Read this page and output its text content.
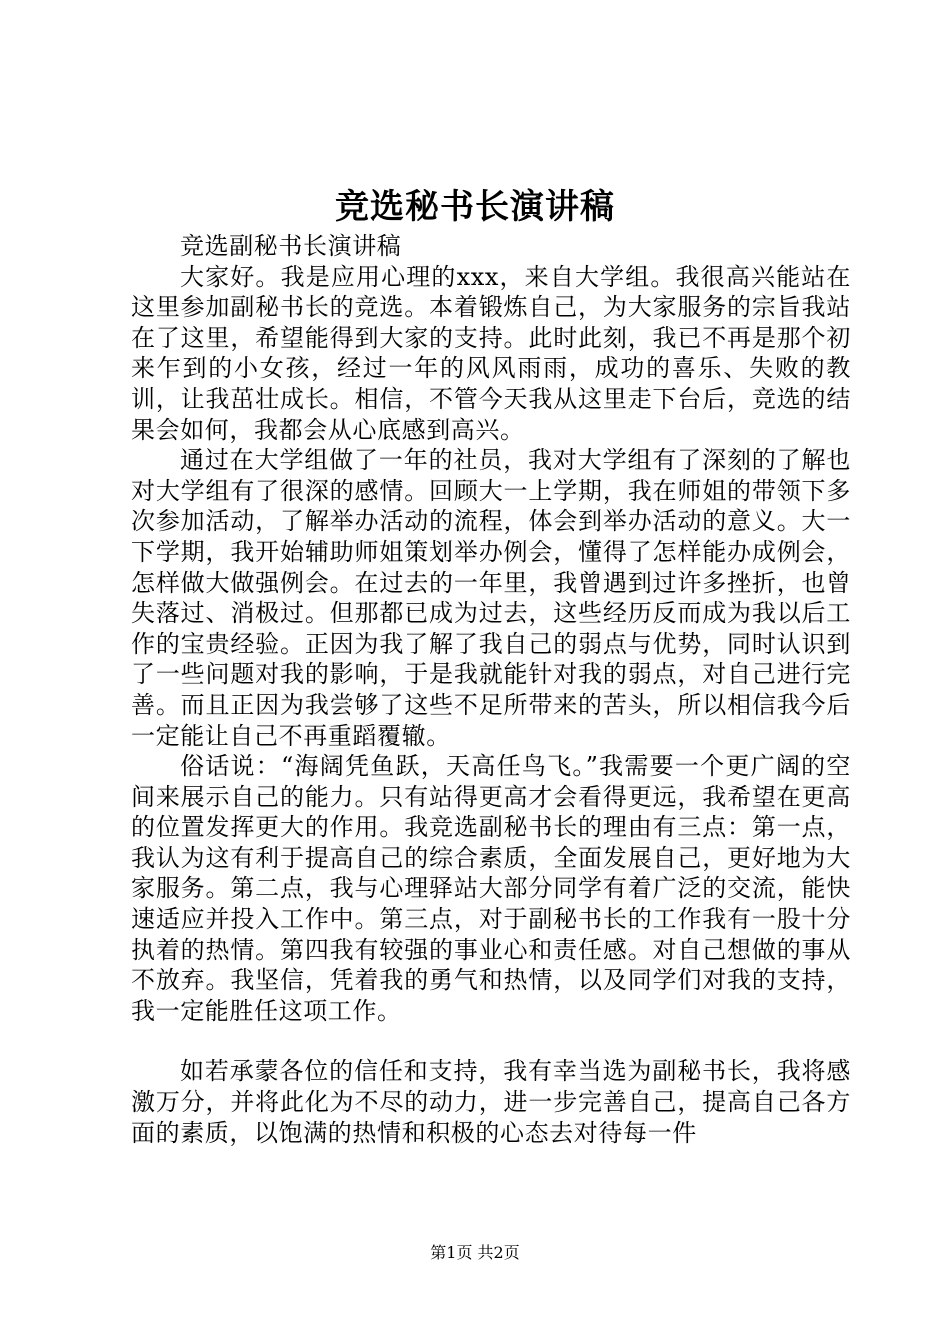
竞选秘书长演讲稿

竞选副秘书长演讲稿

大家好。我是应用心理的xxx，来自大学组。我很高兴能站在这里参加副秘书长的竞选。本着锻炼自己，为大家服务的宗旨我站在了这里，希望能得到大家的支持。此时此刻，我已不再是那个初来乍到的小女孩，经过一年的风风雨雨，成功的喜乐、失败的教训，让我茁壮成长。相信，不管今天我从这里走下台后，竞选的结果会如何，我都会从心底感到高兴。

通过在大学组做了一年的社员，我对大学组有了深刻的了解也对大学组有了很深的感情。回顾大一上学期，我在师姐的带领下多次参加活动，了解举办活动的流程，体会到举办活动的意义。大一下学期，我开始辅助师姐策划举办例会，懂得了怎样能办成例会，怎样做大做强例会。在过去的一年里，我曾遇到过许多挫折，也曾失落过、消极过。但那都已成为过去，这些经历反而成为我以后工作的宝贵经验。正因为我了解了我自己的弱点与优势，同时认识到了一些问题对我的影响，于是我就能针对我的弱点，对自己进行完善。而且正因为我尝够了这些不足所带来的苦头，所以相信我今后一定能让自己不再重蹈覆辙。

俗话说：“海阔凭鱼跃，天高任鸟飞。”我需要一个更广阔的空间来展示自己的能力。只有站得更高才会看得更远，我希望在更高的位置发挥更大的作用。我竞选副秘书长的理由有三点：第一点，我认为这有利于提高自己的综合素质，全面发展自己，更好地为大家服务。第二点，我与心理驿站大部分同学有着广泛的交流，能快速适应并投入工作中。第三点，对于副秘书长的工作我有一股十分执着的热情。第四我有较强的事业心和责任感。对自己想做的事从不放弃。我坚信，凭着我的勇气和热情，以及同学们对我的支持，我一定能胜任这项工作。

如若承蒙各位的信任和支持，我有幸当选为副秘书长，我将感激万分，并将此化为不尽的动力，进一步完善自己，提高自己各方面的素质，以饱满的热情和积极的心态去对待每一件

第1页 共2页
